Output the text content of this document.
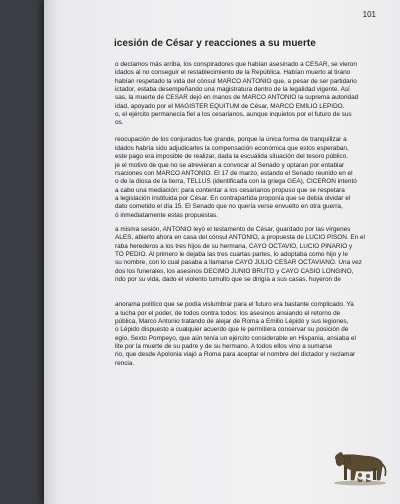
101
icesión de César y reacciones a su muerte
o decíamos más arriba, los conspiradores que habían asesinado a CESAR, se vieron
idados al no conseguir el restablecimiento de la República. Habían muerto al tirano
habían respetado la vida del cónsul MARCO ANTONIO que, a pesar de ser partidario
ictador, estaba desempeñando una magistratura dentro de la legalidad vigente. Así
sas, la muerte de CESAR dejó en manos de MARCO ANTONIO la suprema autoridad
idad, apoyado por el MAGISTER EQUITUM de César, MARCO EMILIO LEPIDO.
o, el ejército permanecía fiel a los cesarianos, aunque inquietos por el futuro de sus
os.
reocupación de los conjurados fue grande, porque la única forma de tranquilizar a
idados habría sido adjudicarles la compensación económica que estos esperaban,
este pago era imposible de realizar, dada la escuálida situación del tesoro público.
je el motivo de que no se atrevieran a convocar al Senado y optaran por entablar
rsaciones con MARCO ANTONIO. El 17 de marzo, estando el Senado reunido en el
o de la diosa de la tierra, TELLUS (identificada con la griega GEA), CICERON intentó
a cabo una mediación: para contentar a los cesarianos propuso que se respetara
a legislación instituida por César. En contrapartida proponía que se debía olvidar el
dato cometido el día 15. El Senado que no quería verse envuelto en otra guerra,
ó inmediatamente estas propuestas.
a misma sesión, ANTONIO leyó el testamento de César, guardado por las vírgenes
ALES, abierto ahora en casa del cónsul ANTONIO, a propuesta de LUCIO PISON. En el
raba herederos a los tres hijos de su hermana, CAYO OCTAVIO, LUCIO PINARIO y
TO PEDIO. Al primero le dejaba las tres cuartas partes, lo adoptaba como hijo y le
su nombre, con lo cual pasaba a llamarse CAYO JULIO CESAR OCTAVIANO. Una vez
dos los funerales, los asesinos DECIMO JUNIO BRUTO y CAYO CASIO LONGINO,
ndo por su vida, dado el violento tumulto que se dirigía a sus casas, huyeron de
anorama político que se podía vislumbrar para el futuro era bastante complicado. Ya
a lucha por el poder, de todos contra todos: los asesinos ansiando el retorno de
pública, Marco Antonio tratando de alejar de Roma a Emilio Lépido y sus legiones,
o Lépido dispuesto a cualquier acuerdo que le permitiera conservar su posición de
egio, Sexto Pompeyo, que aún tenía un ejército considerable en Hispania, ansiaba el
lite por la muerte de su padre y de su hermano. A todos ellos vino a sumarse
rio, que desde Apolonia viajó a Roma para aceptar el nombre del dictador y reclamar
rencia.
